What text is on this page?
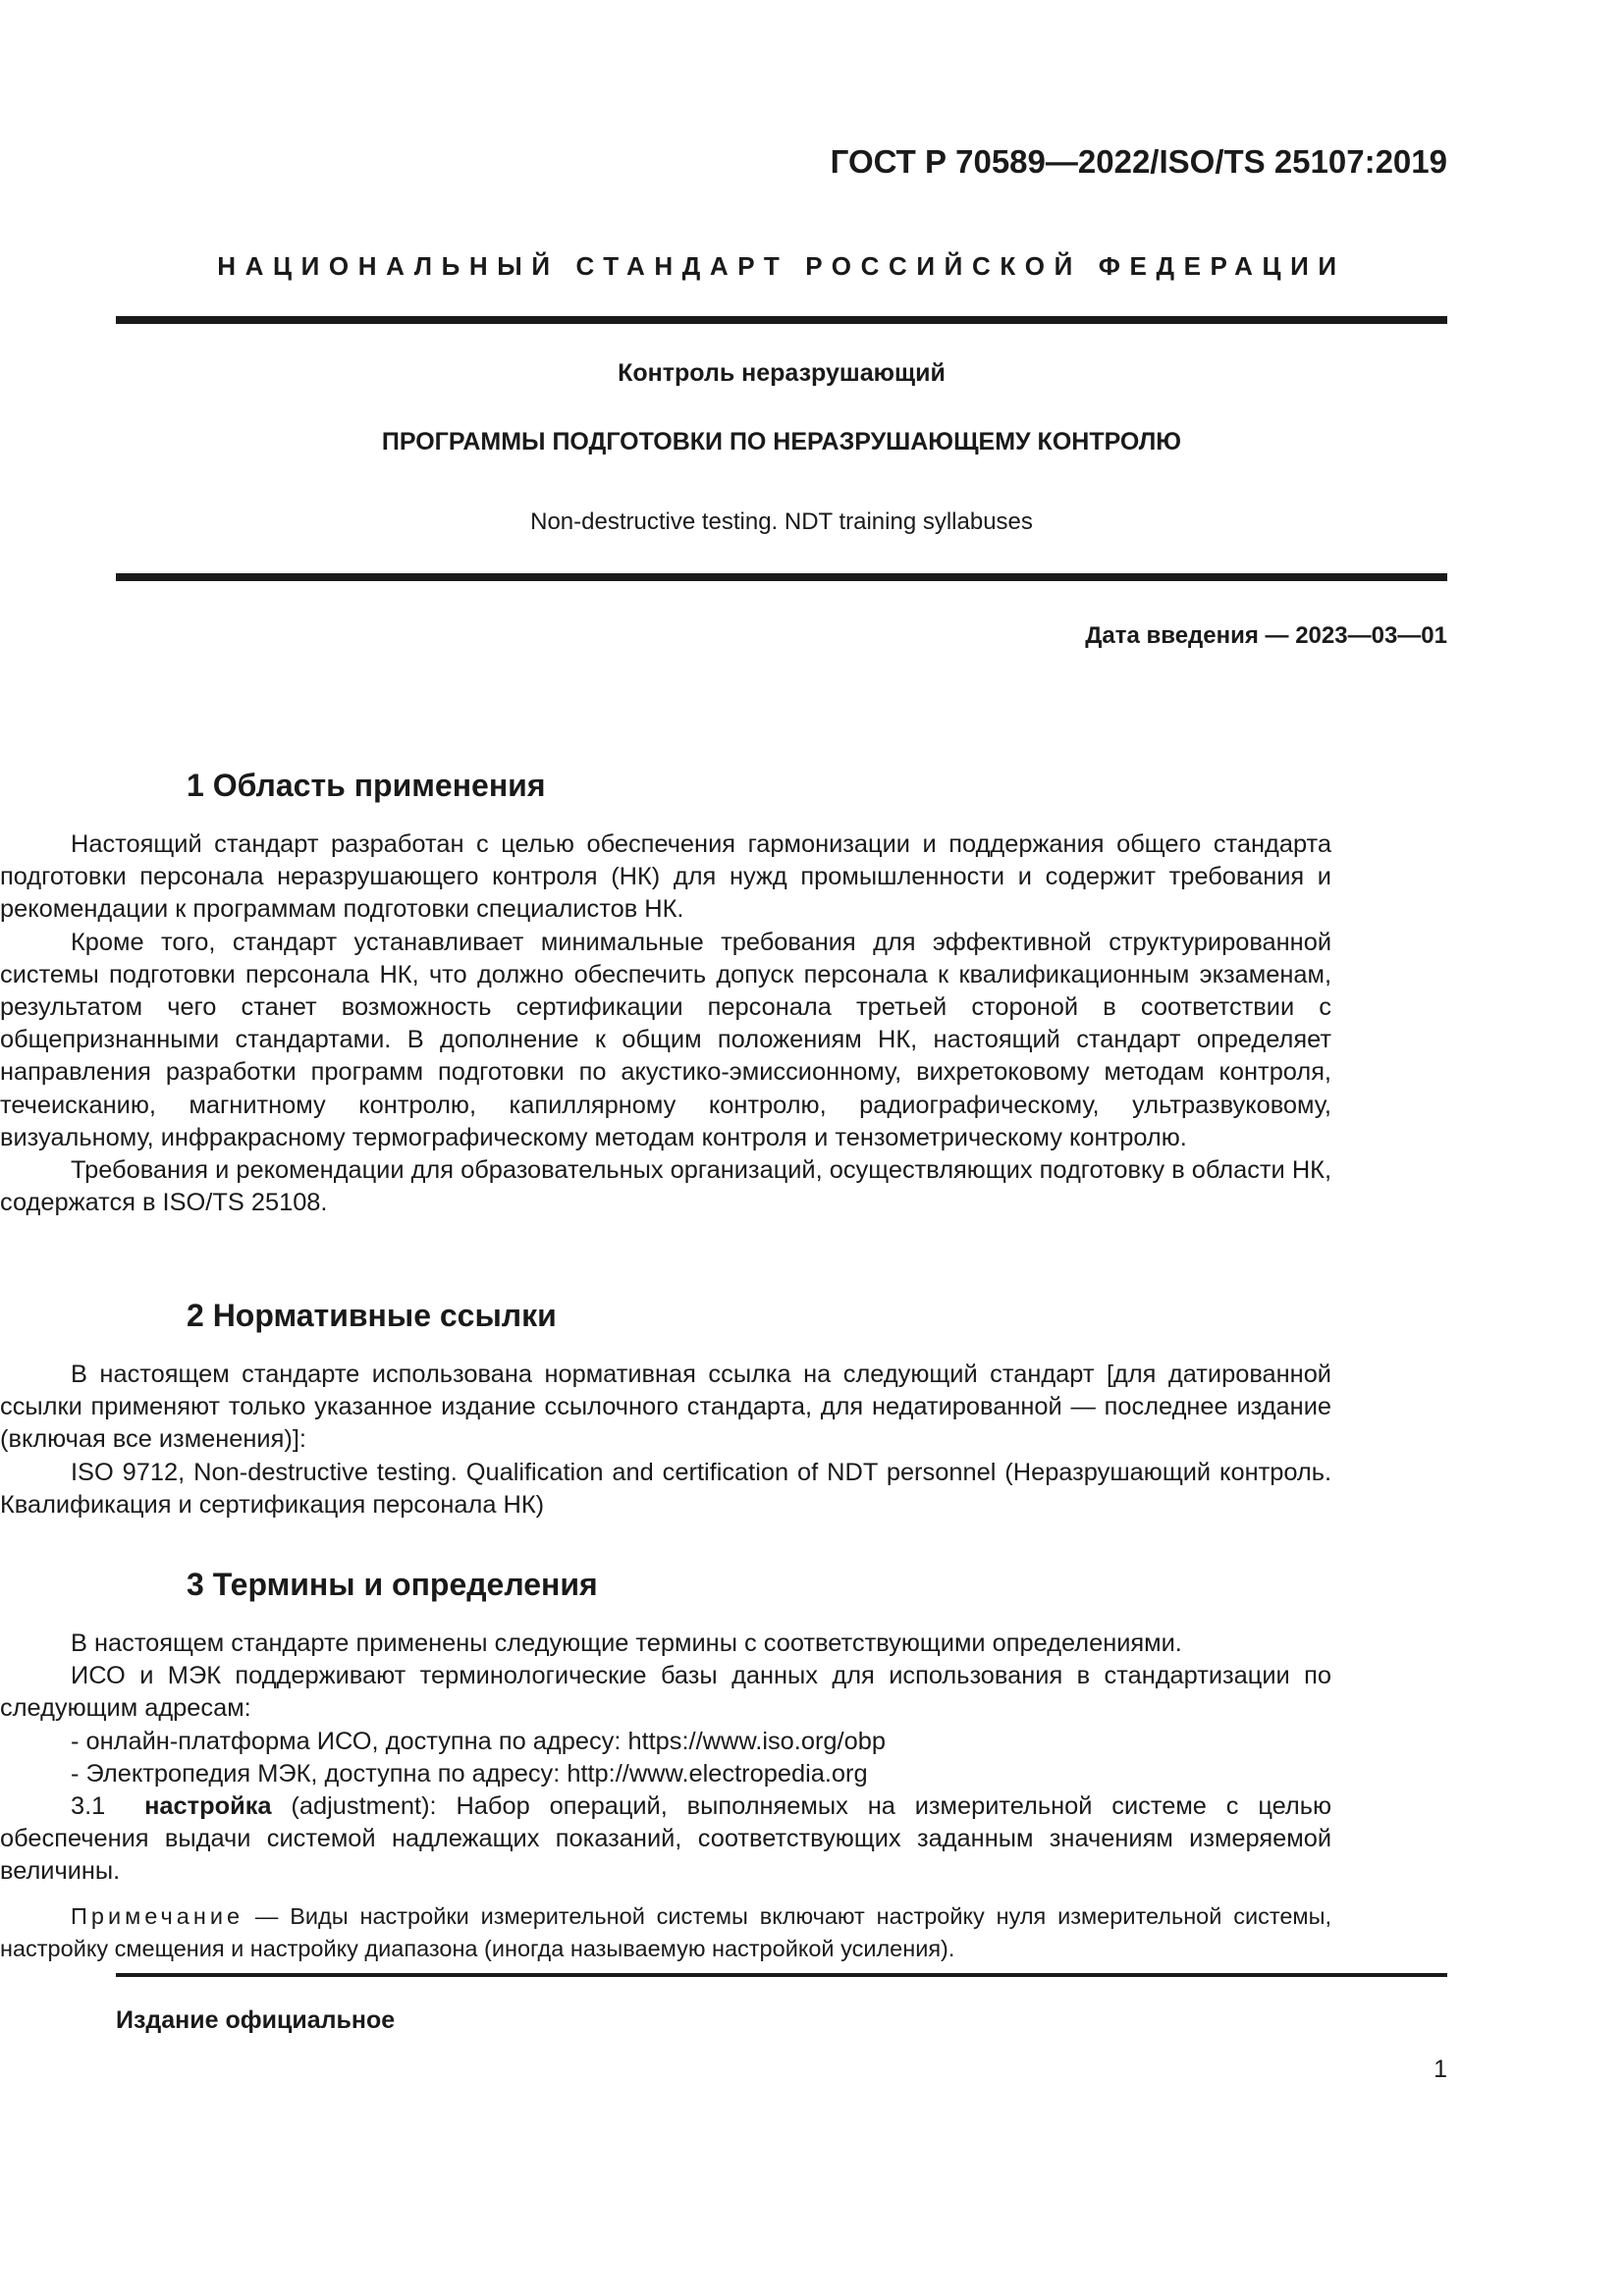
ГОСТ Р 70589—2022/ISO/TS 25107:2019
НАЦИОНАЛЬНЫЙ СТАНДАРТ РОССИЙСКОЙ ФЕДЕРАЦИИ
Контроль неразрушающий
ПРОГРАММЫ ПОДГОТОВКИ ПО НЕРАЗРУШАЮЩЕМУ КОНТРОЛЮ
Non-destructive testing. NDT training syllabuses
Дата введения — 2023—03—01
1 Область применения

Настоящий стандарт разработан с целью обеспечения гармонизации и поддержания общего стандарта подготовки персонала неразрушающего контроля (НК) для нужд промышленности и содержит требования и рекомендации к программам подготовки специалистов НК.

Кроме того, стандарт устанавливает минимальные требования для эффективной структурированной системы подготовки персонала НК, что должно обеспечить допуск персонала к квалификационным экзаменам, результатом чего станет возможность сертификации персонала третьей стороной в соответствии с общепризнанными стандартами. В дополнение к общим положениям НК, настоящий стандарт определяет направления разработки программ подготовки по акустико-эмиссионному, вихретоковому методам контроля, течеисканию, магнитному контролю, капиллярному контролю, радиографическому, ультразвуковому, визуальному, инфракрасному термографическому методам контроля и тензометрическому контролю.

Требования и рекомендации для образовательных организаций, осуществляющих подготовку в области НК, содержатся в ISO/TS 25108.

2 Нормативные ссылки

В настоящем стандарте использована нормативная ссылка на следующий стандарт [для датированной ссылки применяют только указанное издание ссылочного стандарта, для недатированной — последнее издание (включая все изменения)]:

ISO 9712, Non-destructive testing. Qualification and certification of NDT personnel (Неразрушающий контроль. Квалификация и сертификация персонала НК)

3 Термины и определения

В настоящем стандарте применены следующие термины с соответствующими определениями.

ИСО и МЭК поддерживают терминологические базы данных для использования в стандартизации по следующим адресам:

- онлайн-платформа ИСО, доступна по адресу: https://www.iso.org/obp

- Электропедия МЭК, доступна по адресу: http://www.electropedia.org

3.1 настройка (adjustment): Набор операций, выполняемых на измерительной системе с целью обеспечения выдачи системой надлежащих показаний, соответствующих заданным значениям измеряемой величины.

Примечание — Виды настройки измерительной системы включают настройку нуля измерительной системы, настройку смещения и настройку диапазона (иногда называемую настройкой усиления).

Издание официальное
1
